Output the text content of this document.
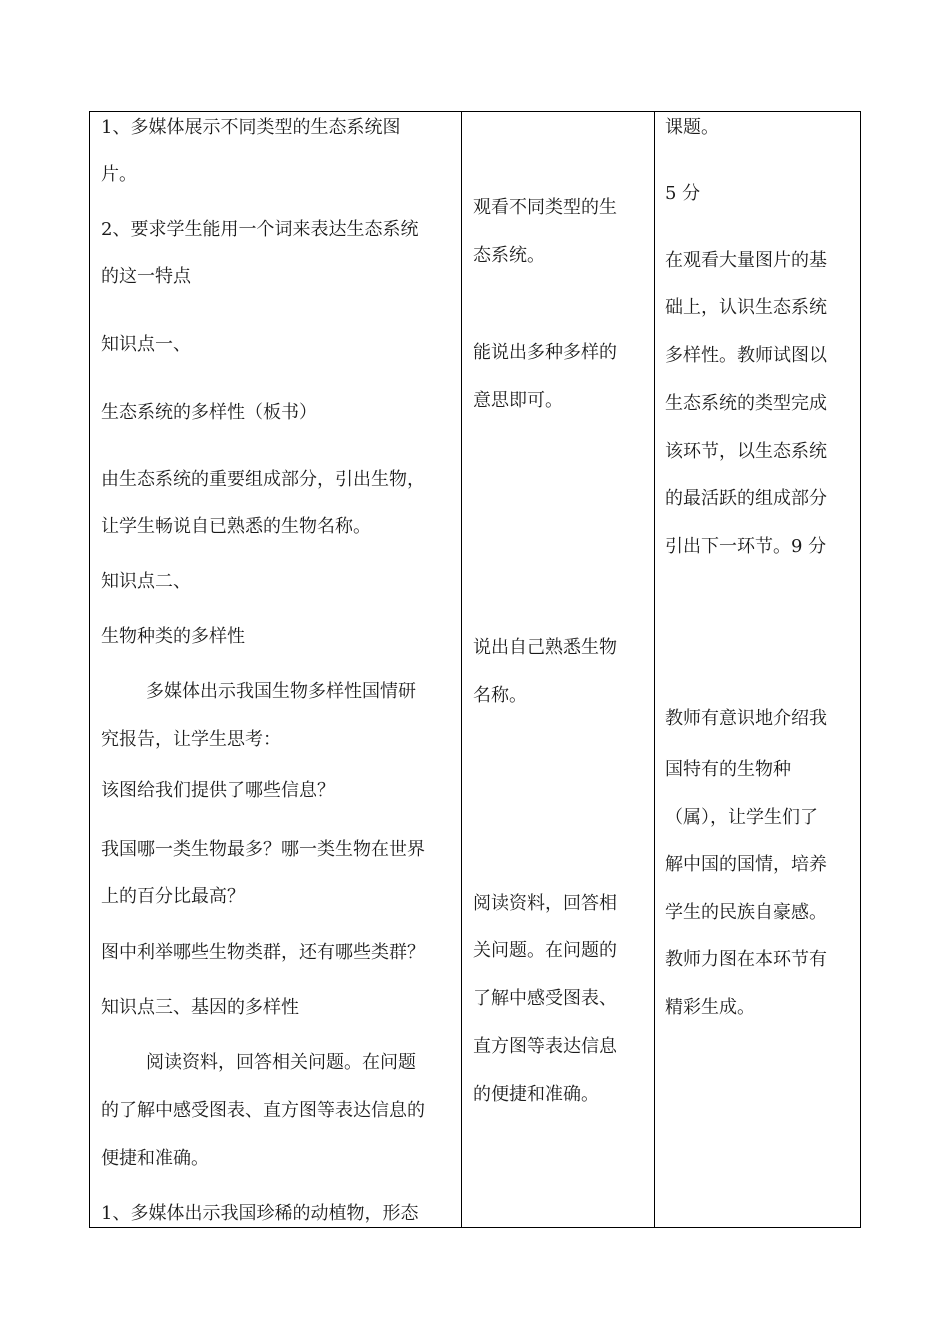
1、多媒体展示不同类型的生态系统图
片。
2、要求学生能用一个词来表达生态系统
的这一特点
知识点一、
生态系统的多样性（板书）
由生态系统的重要组成部分，引出生物，
让学生畅说自已熟悉的生物名称。
知识点二、
生物种类的多样性
多媒体出示我国生物多样性国情研
究报告，让学生思考：
该图给我们提供了哪些信息？
我国哪一类生物最多？哪一类生物在世界
上的百分比最高？
图中利举哪些生物类群，还有哪些类群？
知识点三、基因的多样性
阅读资料，回答相关问题。在问题
的了解中感受图表、直方图等表达信息的
便捷和准确。
1、多媒体出示我国珍稀的动植物，形态
观看不同类型的生
态系统。
能说出多种多样的
意思即可。
说出自己熟悉生物
名称。
阅读资料，回答相
关问题。在问题的
了解中感受图表、
直方图等表达信息
的便捷和准确。
课题。
5 分
在观看大量图片的基
础上，认识生态系统
多样性。教师试图以
生态系统的类型完成
该环节，以生态系统
的最活跃的组成部分
引出下一环节。9 分
教师有意识地介绍我
国特有的生物种
（属），让学生们了
解中国的国情，培养
学生的民族自豪感。
教师力图在本环节有
精彩生成。
